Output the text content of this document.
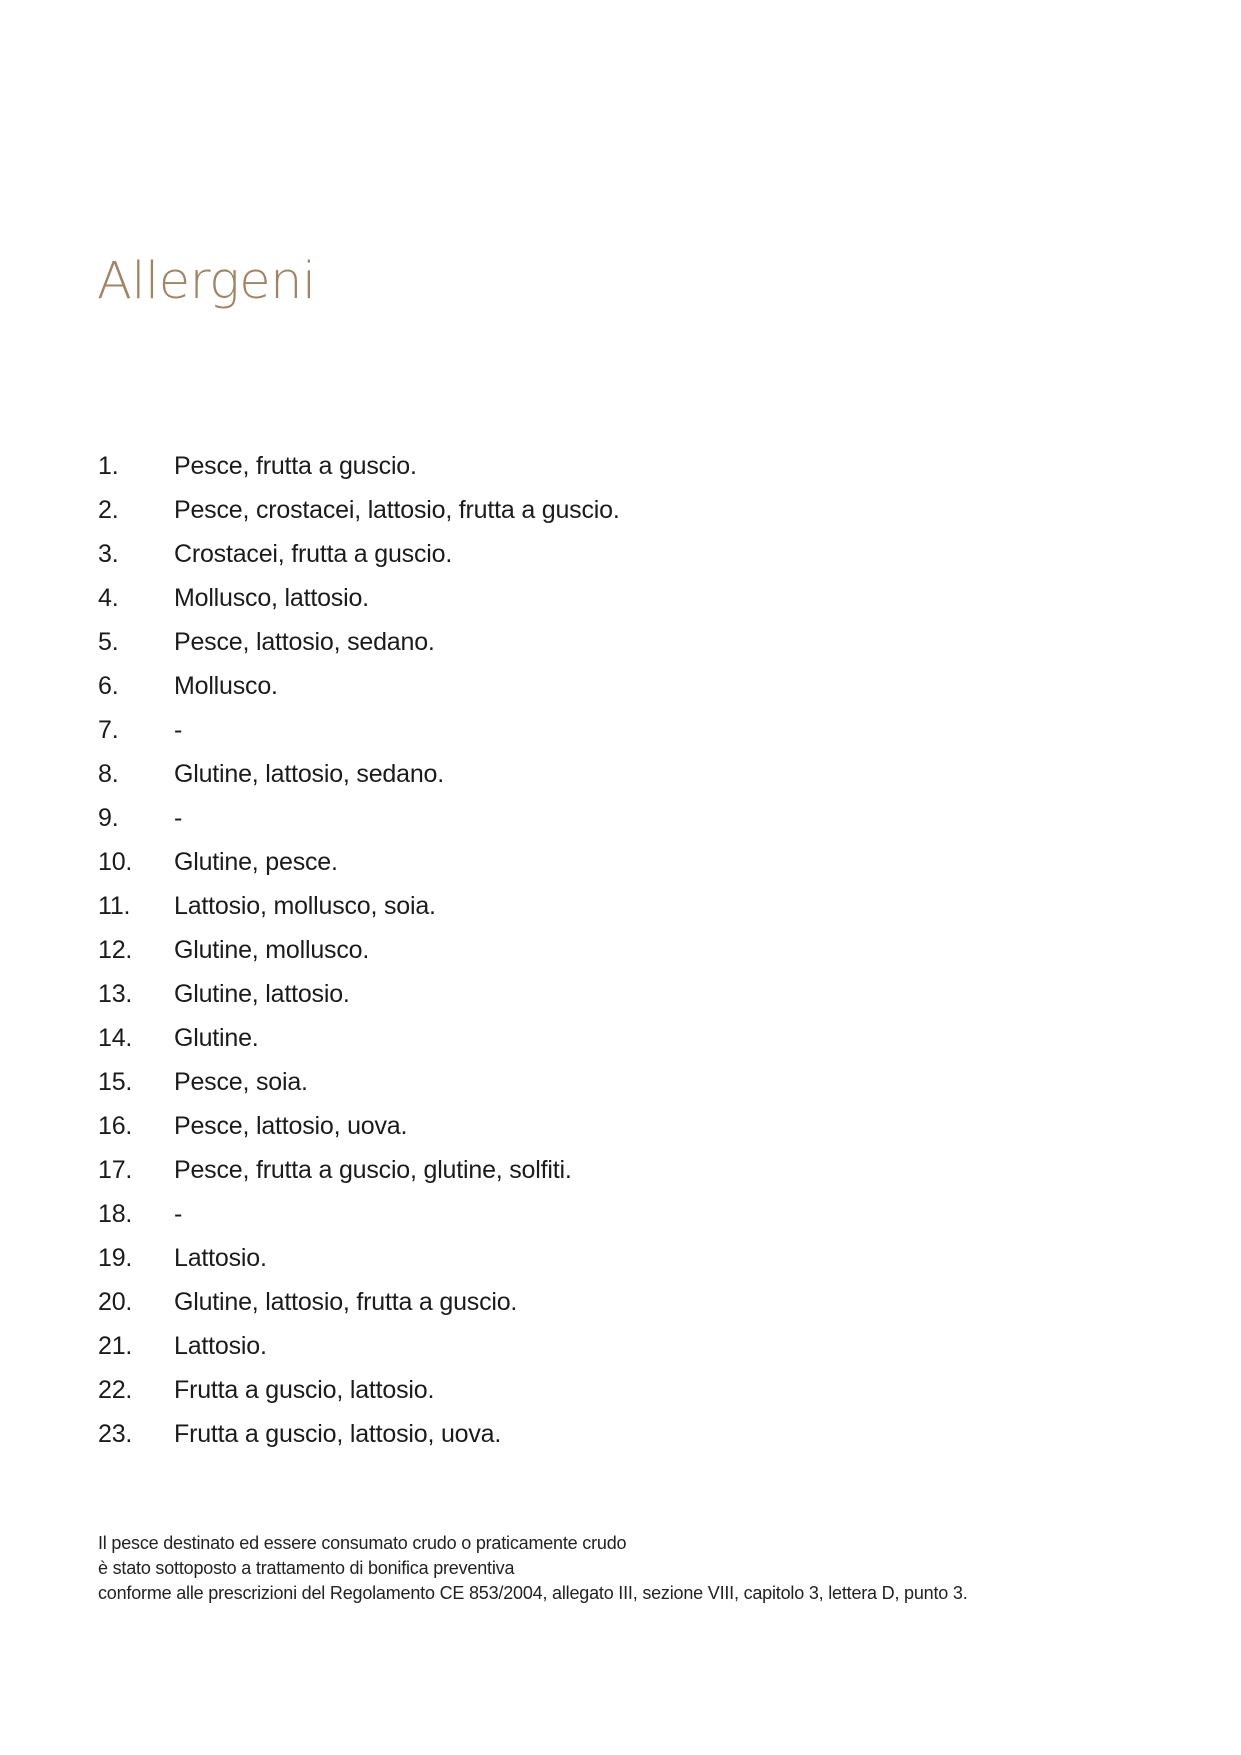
Allergeni
1.	Pesce, frutta a guscio.
2.	Pesce, crostacei, lattosio, frutta a guscio.
3.	Crostacei, frutta a guscio.
4.	Mollusco, lattosio.
5.	Pesce, lattosio, sedano.
6.	Mollusco.
7.	-
8.	Glutine, lattosio, sedano.
9.	-
10.	Glutine, pesce.
11.	Lattosio, mollusco, soia.
12.	Glutine, mollusco.
13.	Glutine, lattosio.
14.	Glutine.
15.	Pesce, soia.
16.	Pesce, lattosio, uova.
17.	Pesce, frutta a guscio, glutine, solfiti.
18.	-
19.	Lattosio.
20.	Glutine, lattosio, frutta a guscio.
21.	Lattosio.
22.	Frutta a guscio, lattosio.
23.	Frutta a guscio, lattosio, uova.
Il pesce destinato ed essere consumato crudo o praticamente crudo
è stato sottoposto a trattamento di bonifica preventiva
conforme alle prescrizioni del Regolamento CE 853/2004, allegato III, sezione VIII, capitolo 3, lettera D, punto 3.
